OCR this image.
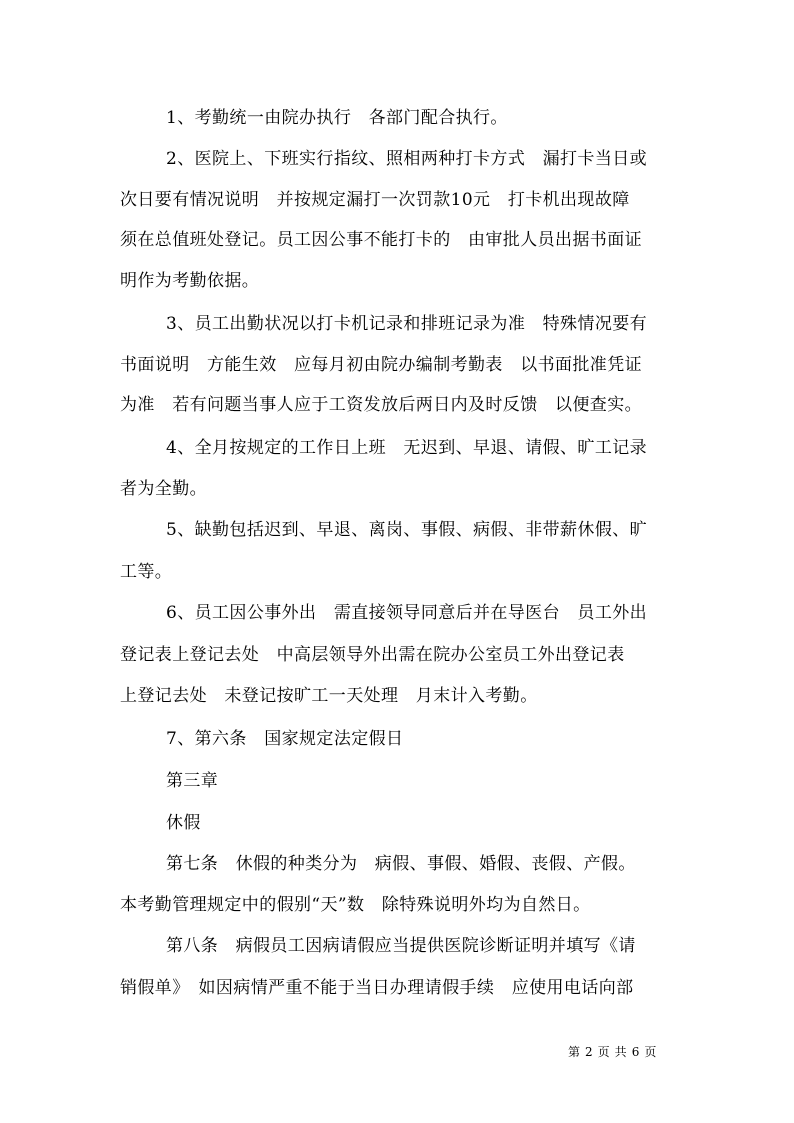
1、考勤统一由院办执行　各部门配合执行。
2、医院上、下班实行指纹、照相两种打卡方式　漏打卡当日或
次日要有情况说明　并按规定漏打一次罚款10元　打卡机出现故障
须在总值班处登记。员工因公事不能打卡的　由审批人员出据书面证
明作为考勤依据。
3、员工出勤状况以打卡机记录和排班记录为准　特殊情况要有
书面说明　方能生效　应每月初由院办编制考勤表　以书面批准凭证
为准　若有问题当事人应于工资发放后两日内及时反馈　以便查实。
4、全月按规定的工作日上班　无迟到、早退、请假、旷工记录
者为全勤。
5、缺勤包括迟到、早退、离岗、事假、病假、非带薪休假、旷
工等。
6、员工因公事外出　需直接领导同意后并在导医台　员工外出
登记表上登记去处　中高层领导外出需在院办公室员工外出登记表
上登记去处　未登记按旷工一天处理　月末计入考勤。
7、第六条　国家规定法定假日
第三章
休假
第七条　休假的种类分为　病假、事假、婚假、丧假、产假。
本考勤管理规定中的假别“天”数　除特殊说明外均为自然日。
第八条　病假员工因病请假应当提供医院诊断证明并填写《请
销假单》　如因病情严重不能于当日办理请假手续　应使用电话向部
第 2 页 共 6 页
